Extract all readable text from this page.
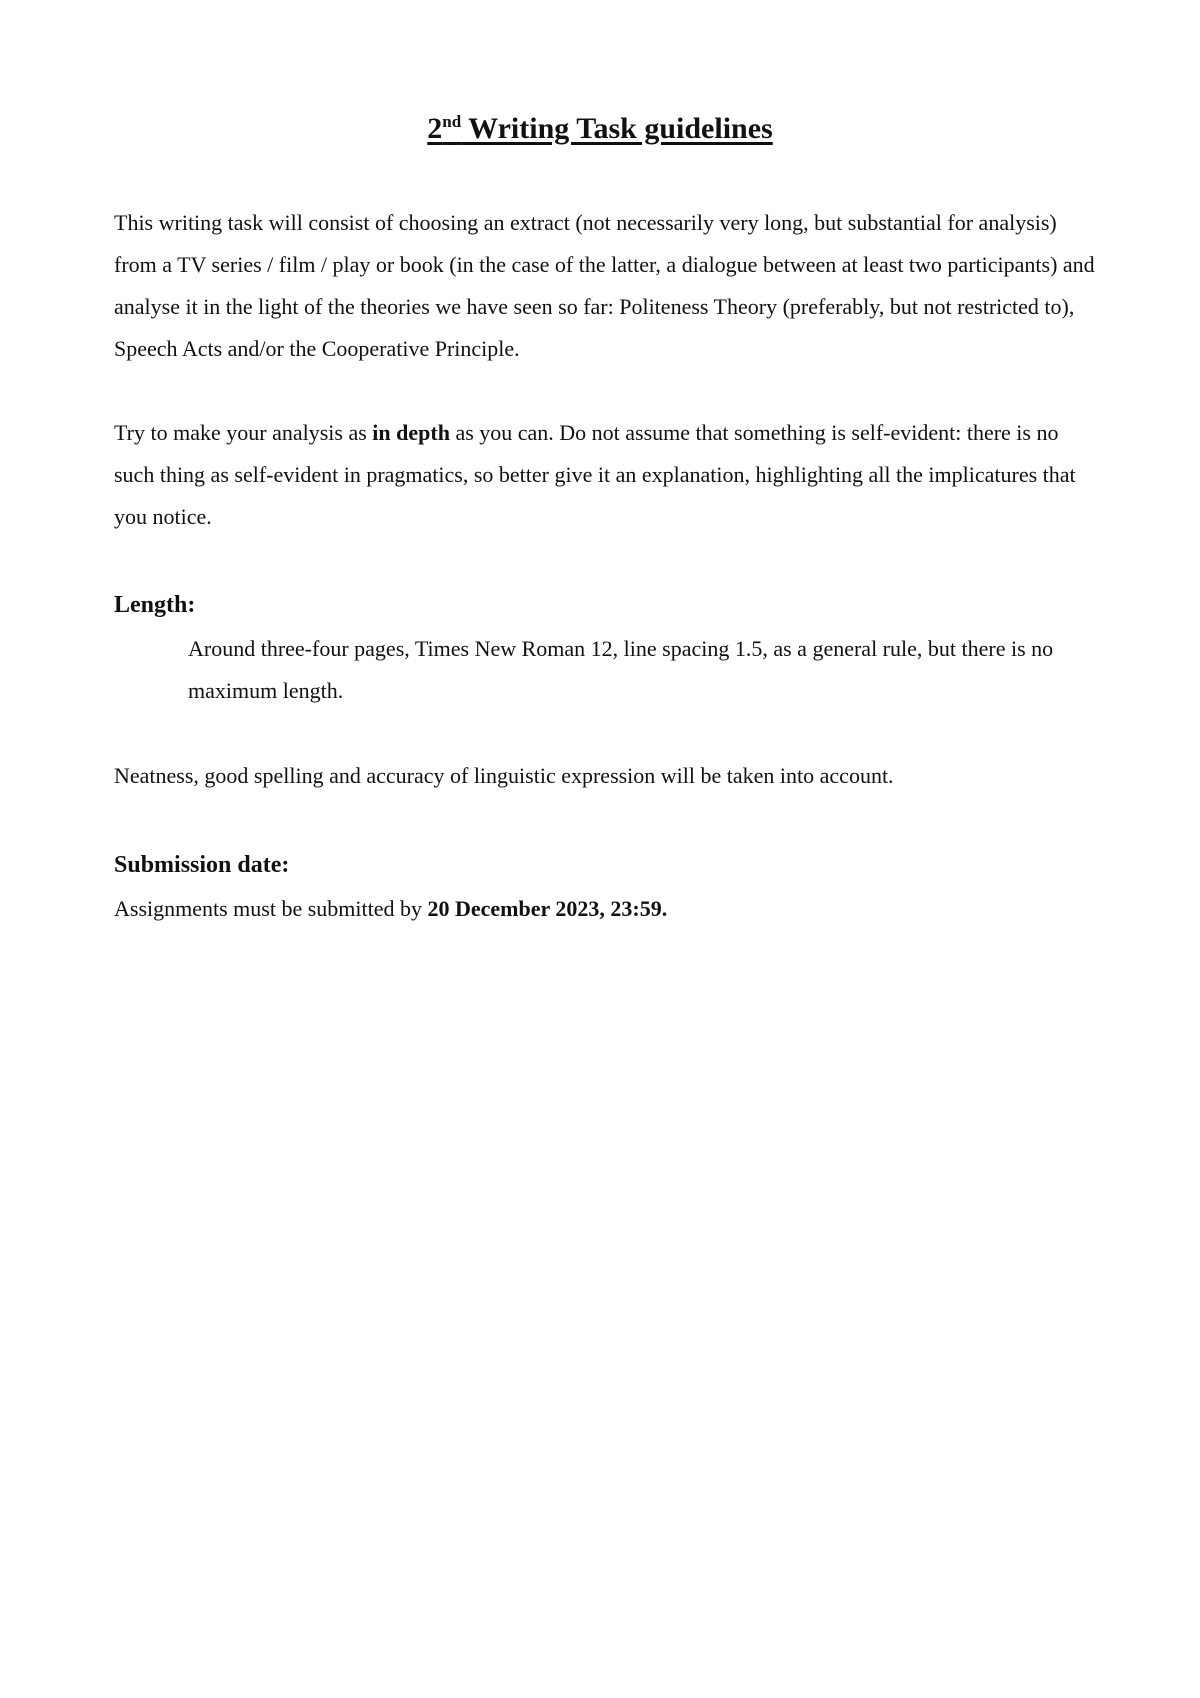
2nd Writing Task guidelines
This writing task will consist of choosing an extract (not necessarily very long, but substantial for analysis) from a TV series / film / play or book (in the case of the latter, a dialogue between at least two participants) and analyse it in the light of the theories we have seen so far: Politeness Theory (preferably, but not restricted to), Speech Acts and/or the Cooperative Principle.
Try to make your analysis as in depth as you can. Do not assume that something is self-evident: there is no such thing as self-evident in pragmatics, so better give it an explanation, highlighting all the implicatures that you notice.
Length:
Around three-four pages, Times New Roman 12, line spacing 1.5, as a general rule, but there is no maximum length.
Neatness, good spelling and accuracy of linguistic expression will be taken into account.
Submission date:
Assignments must be submitted by 20 December 2023, 23:59.
